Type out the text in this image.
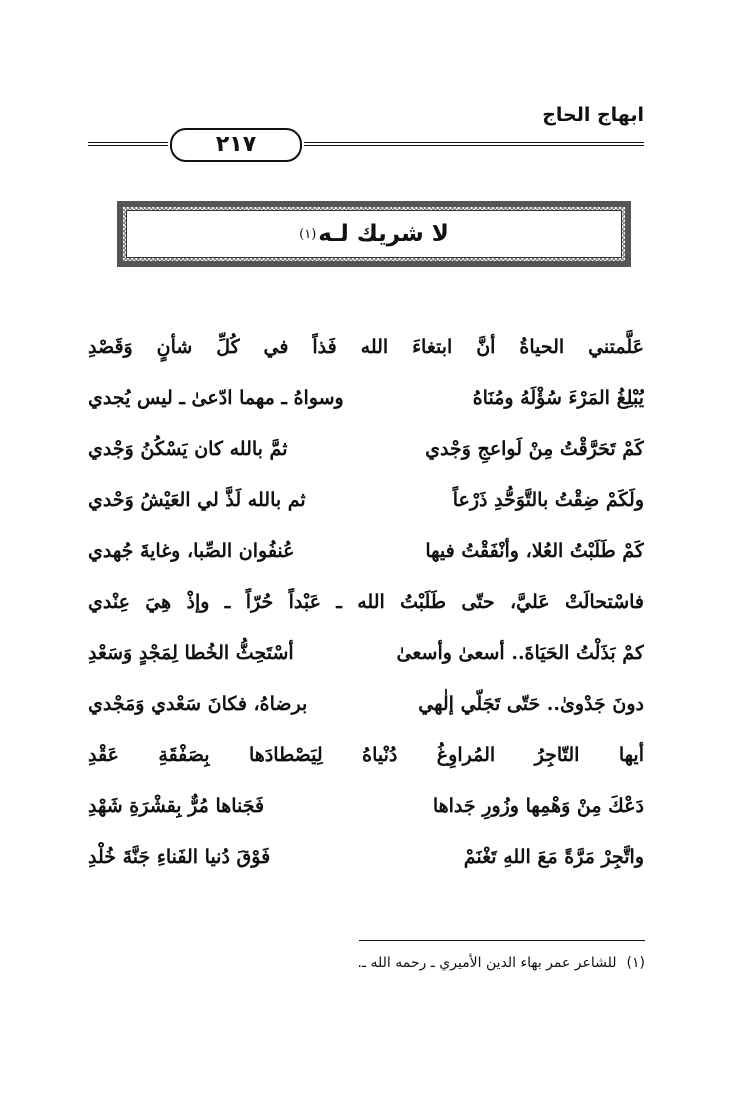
ابهاج الحاج
٢١٧
لا شريك لـه
(١)
عَلَّمتني الحياةُ أنَّ ابتغاءَ الله فَذاً في كُلِّ شأنٍ وَقَصْدِ
يُبْلِغُ المَرْءَ سُؤْلَهُ ومُنَاهُ
وسواهُ ـ مهما ادّعىٰ ـ ليس يُجدي
كَمْ تَحَرَّقْتُ مِنْ لَواعجِ وَجْدي
ثمَّ بالله كان يَسْكُنُ وَجْدي
ولَكَمْ ضِقْتُ بالتَّوَحُّدِ ذَرْعاً
ثم بالله لَذَّ لي العَيْشُ وَحْدي
كَمْ طَلَبْتُ العُلا، وأنْفَقْتُ فيها
عُنفُوان الصِّبا، وغايةَ جُهدي
فاسْتحالَتْ عَليَّ، حتّى طَلَبْتُ الله ـ عَبْداً حُرّاً ـ وإذْ هِيَ عِنْدي
كمْ بَذَلْتُ الحَيَاةَ.. أسعىٰ وأسعىٰ
أسْتَحِثُّ الخُطا لِمَجْدٍ وَسَعْدِ
دونَ جَدْوىٰ.. حَتّى تَجَلّي إلٰهي
برضاهُ، فكانَ سَعْدي وَمَجْدي
أيها التّاجِرُ المُراوِغُ دُنْياهُ لِيَصْطادَها بِصَفْقَةِ عَقْدِ
دَعْكَ مِنْ وَهْمِها وزُورِ جَداها
فَجَناها مُرٌّ بِقشْرَةِ شَهْدِ
واتَّجِرْ مَرَّةً مَعَ اللهِ تَغْنَمْ
فَوْقَ دُنيا الفَناءِ جَنَّةَ خُلْدِ
(١)للشاعر عمر بهاء الدين الأميري ـ رحمه الله ـ.
